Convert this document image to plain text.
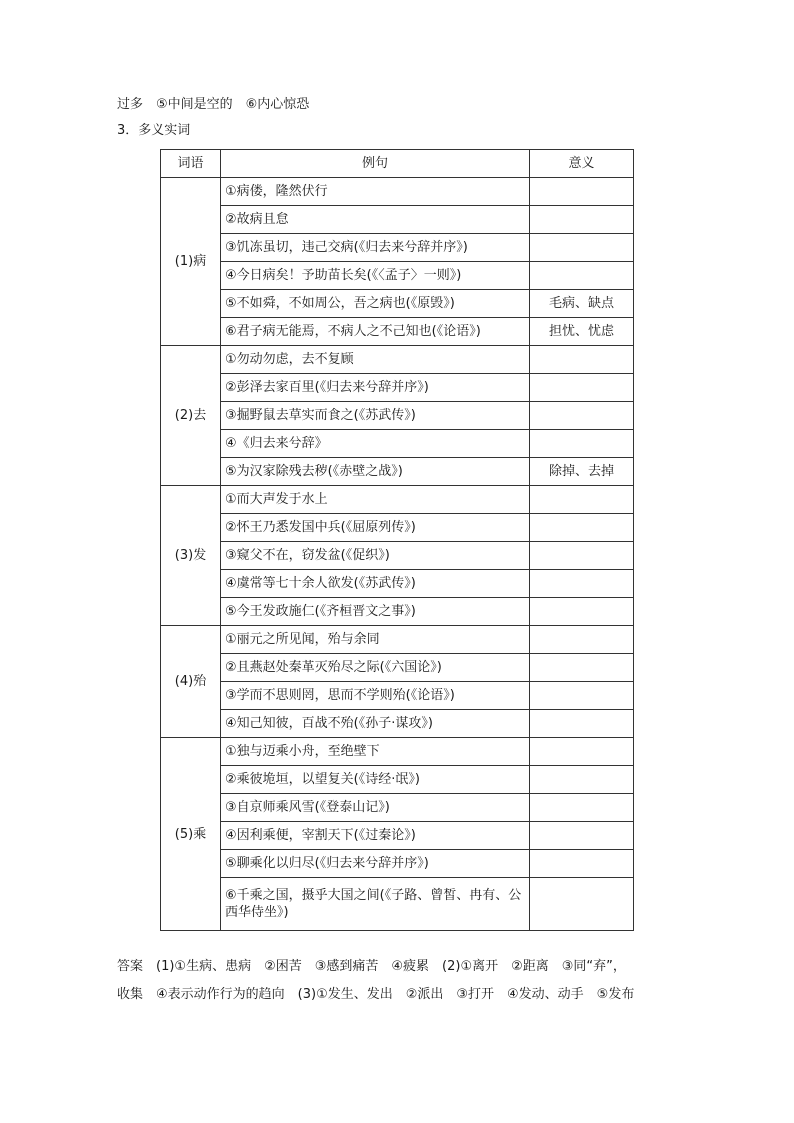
过多　⑤中间是空的　⑥内心惊恐
3．多义实词
词语	例句	意义
(1)病	①病偻，隆然伏行	
	②故病且怠	
	③饥冻虽切，违己交病(《归去来兮辞并序》)	
	④今日病矣！予助苗长矣(《〈孟子〉一则》)	
	⑤不如舜，不如周公，吾之病也(《原毁》)	毛病、缺点
	⑥君子病无能焉，不病人之不己知也(《论语》)	担忧、忧虑
(2)去	①勿动勿虑，去不复顾	
	②彭泽去家百里(《归去来兮辞并序》)	
	③掘野鼠去草实而食之(《苏武传》)	
	④《归去来兮辞》	
	⑤为汉家除残去秽(《赤壁之战》)	除掉、去掉
(3)发	①而大声发于水上	
	②怀王乃悉发国中兵(《屈原列传》)	
	③窥父不在，窃发盆(《促织》)	
	④虞常等七十余人欲发(《苏武传》)	
	⑤今王发政施仁(《齐桓晋文之事》)	
(4)殆	①丽元之所见闻，殆与余同	
	②且燕赵处秦革灭殆尽之际(《六国论》)	
	③学而不思则罔，思而不学则殆(《论语》)	
	④知己知彼，百战不殆(《孙子·谋攻》)	
(5)乘	①独与迈乘小舟，至绝壁下	
	②乘彼垝垣，以望复关(《诗经·氓》)	
	③自京师乘风雪(《登泰山记》)	
	④因利乘便，宰割天下(《过秦论》)	
	⑤聊乘化以归尽(《归去来兮辞并序》)	
	⑥千乘之国，摄乎大国之间(《子路、曾皙、冉有、公西华侍坐》)	

答案　(1)①生病、患病　②困苦　③感到痛苦　④疲累　(2)①离开　②距离　③同“弃”，

收集　④表示动作行为的趋向　(3)①发生、发出　②派出　③打开　④发动、动手　⑤发布
